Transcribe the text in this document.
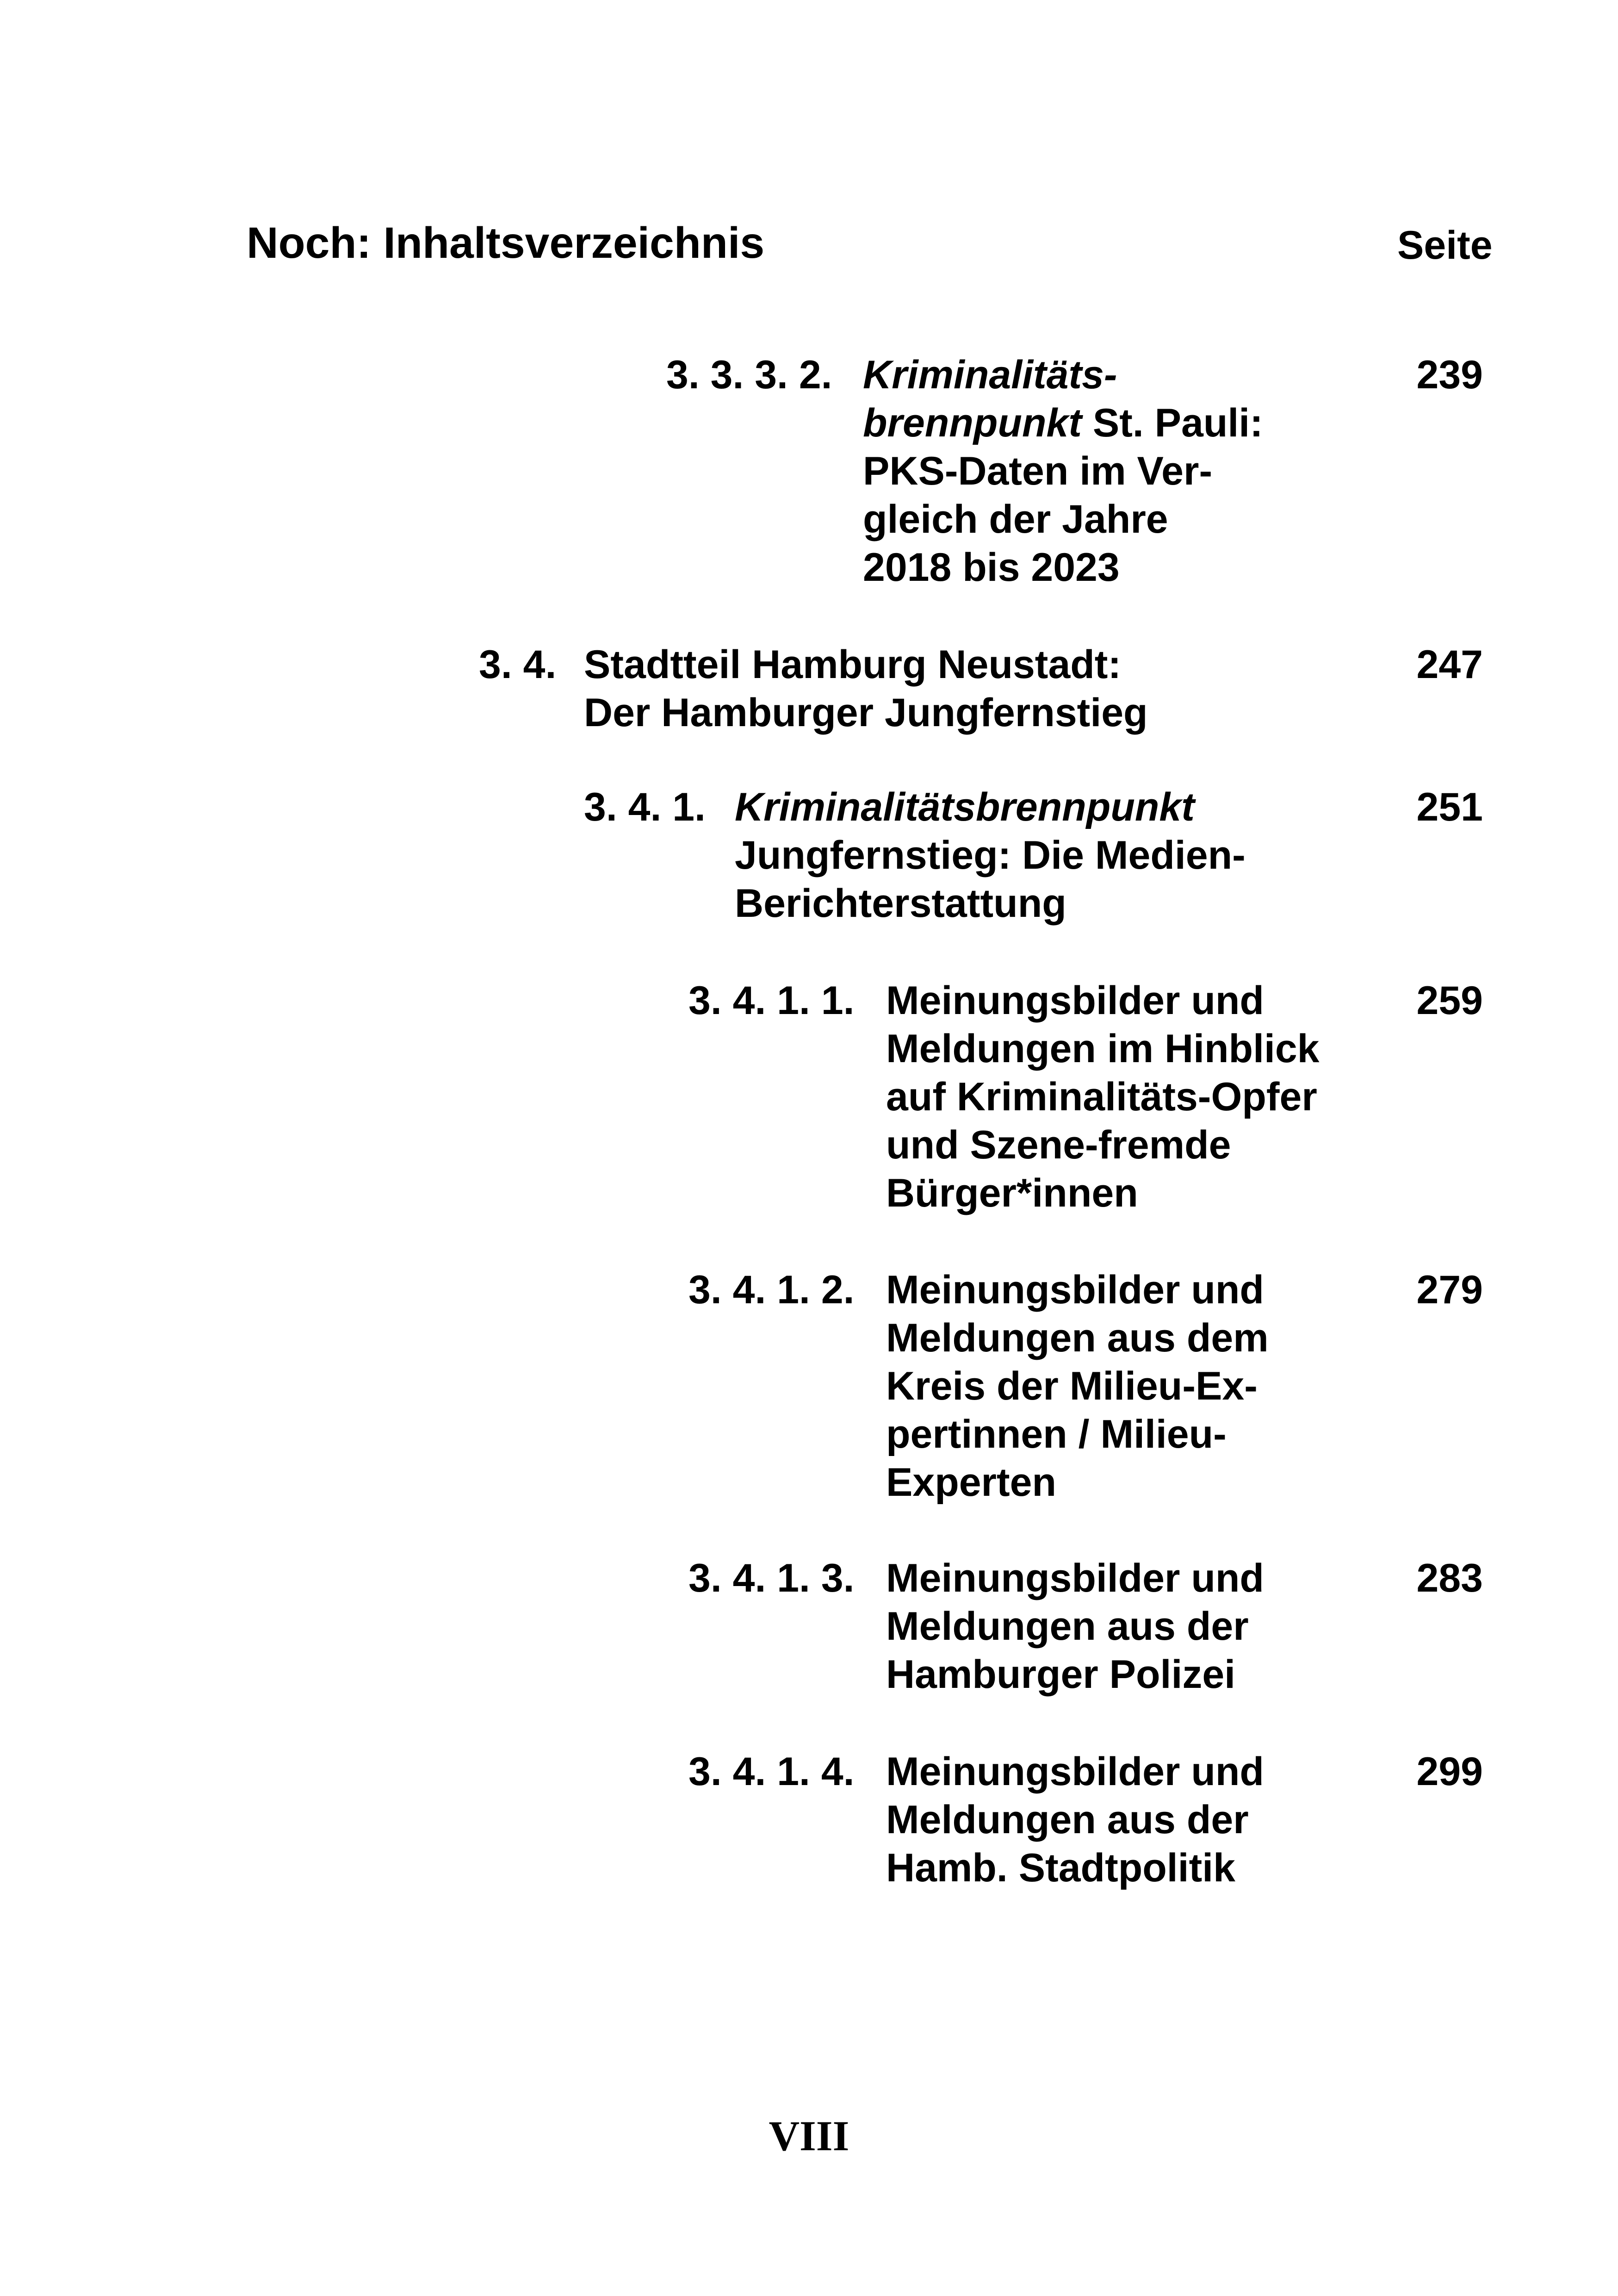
Noch: Inhaltsverzeichnis	Seite
3. 3. 3. 2. Kriminalitäts-
brennpunkt St. Pauli:
PKS-Daten im Ver-
gleich der Jahre
2018 bis 2023
239
3. 4. Stadtteil Hamburg Neustadt:
Der Hamburger Jungfernstieg
247
3. 4. 1. Kriminalitätsbrennpunkt
Jungfernstieg: Die Medien-
Berichterstattung
251
3. 4. 1. 1. Meinungsbilder und
Meldungen im Hinblick
auf Kriminalitäts-Opfer
und Szene-fremde
Bürger*innen
259
3. 4. 1. 2. Meinungsbilder und
Meldungen aus dem
Kreis der Milieu-Ex-
pertinnen / Milieu-
Experten
279
3. 4. 1. 3. Meinungsbilder und
Meldungen aus der
Hamburger Polizei
283
3. 4. 1. 4. Meinungsbilder und
Meldungen aus der
Hamb. Stadtpolitik
299
VIII
